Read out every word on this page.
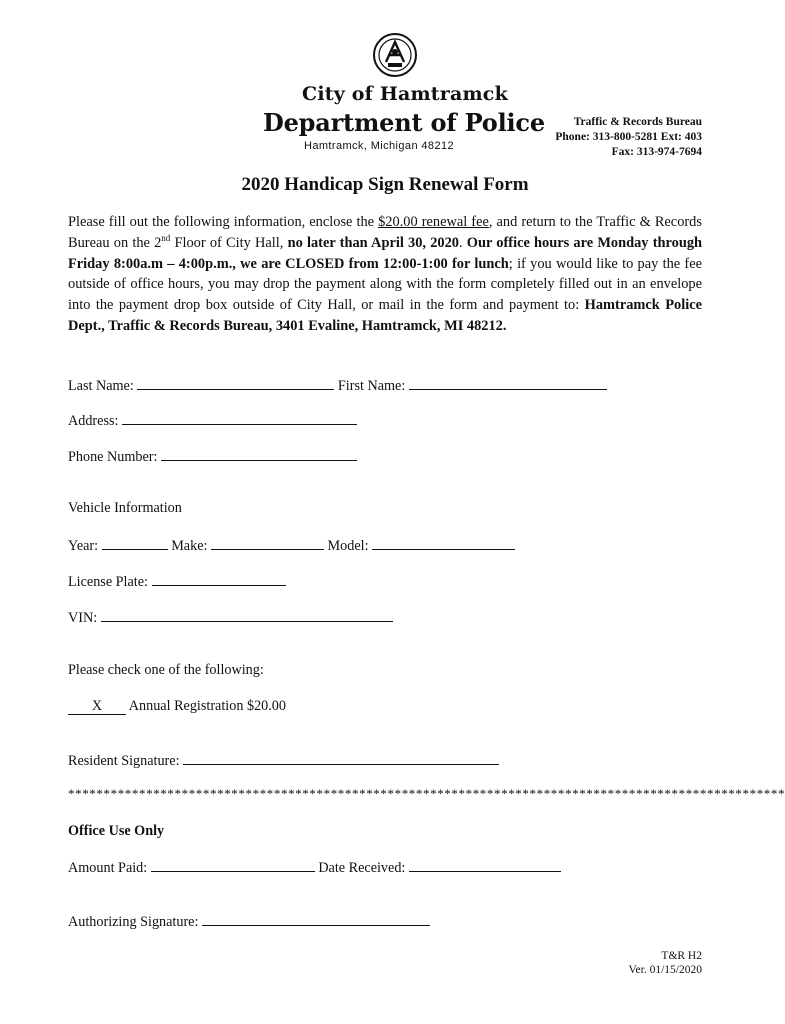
City of Hamtramck
Department of Police
Hamtramck, Michigan 48212
Traffic & Records Bureau
Phone: 313-800-5281 Ext: 403
Fax: 313-974-7694
2020 Handicap Sign Renewal Form
Please fill out the following information, enclose the $20.00 renewal fee, and return to the Traffic & Records Bureau on the 2nd Floor of City Hall, no later than April 30, 2020. Our office hours are Monday through Friday 8:00a.m – 4:00p.m., we are CLOSED from 12:00-1:00 for lunch; if you would like to pay the fee outside of office hours, you may drop the payment along with the form completely filled out in an envelope into the payment drop box outside of City Hall, or mail in the form and payment to: Hamtramck Police Dept., Traffic & Records Bureau, 3401 Evaline, Hamtramck, MI 48212.
Last Name:	First Name:
Address:
Phone Number:
Vehicle Information
Year:	Make:	Model:
License Plate:
VIN:
Please check one of the following:
X Annual Registration $20.00
Resident Signature:
*****************************************************************************************************
Office Use Only
Amount Paid:	Date Received:
Authorizing Signature:
T&R H2
Ver. 01/15/2020
